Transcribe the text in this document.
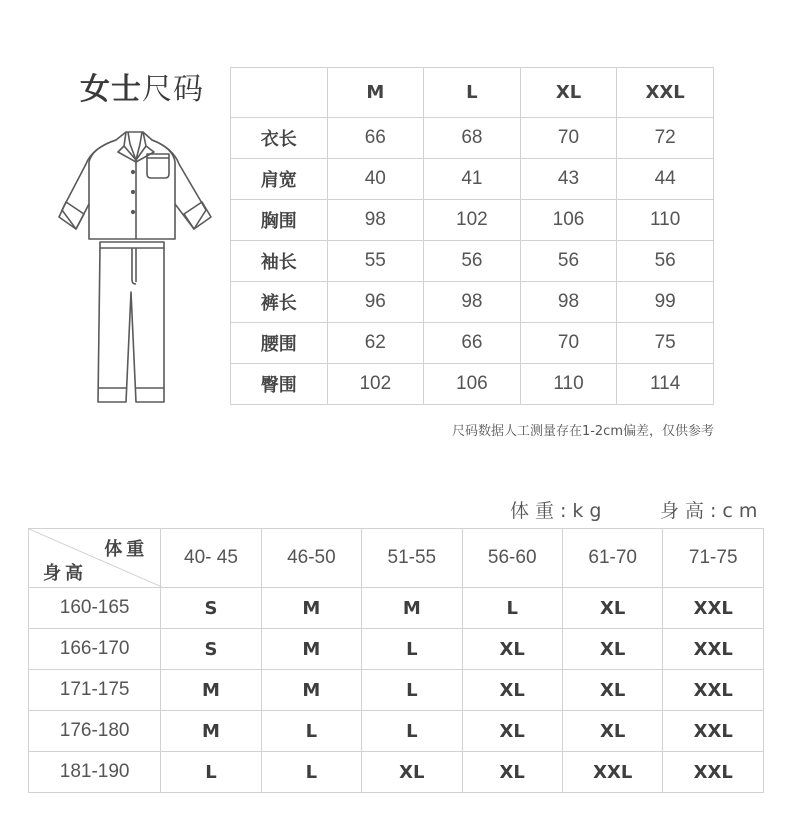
女士尺码
		M	L	XL	XXL
衣长	66	68	70	72
肩宽	40	41	43	44
胸围	98	102	106	110
袖长	55	56	56	56
裤长	96	98	98	99
腰围	62	66	70	75
臀围	102	106	110	114
尺码数据人工测量存在1-2cm偏差，仅供参考
体重:kg	身高:cm
体重
身高	40- 45	46-50	51-55	56-60	61-70	71-75
160-165	S	M	M	L	XL	XXL
166-170	S	M	L	XL	XL	XXL
171-175	M	M	L	XL	XL	XXL
176-180	M	L	L	XL	XL	XXL
181-190	L	L	XL	XL	XXL	XXL
